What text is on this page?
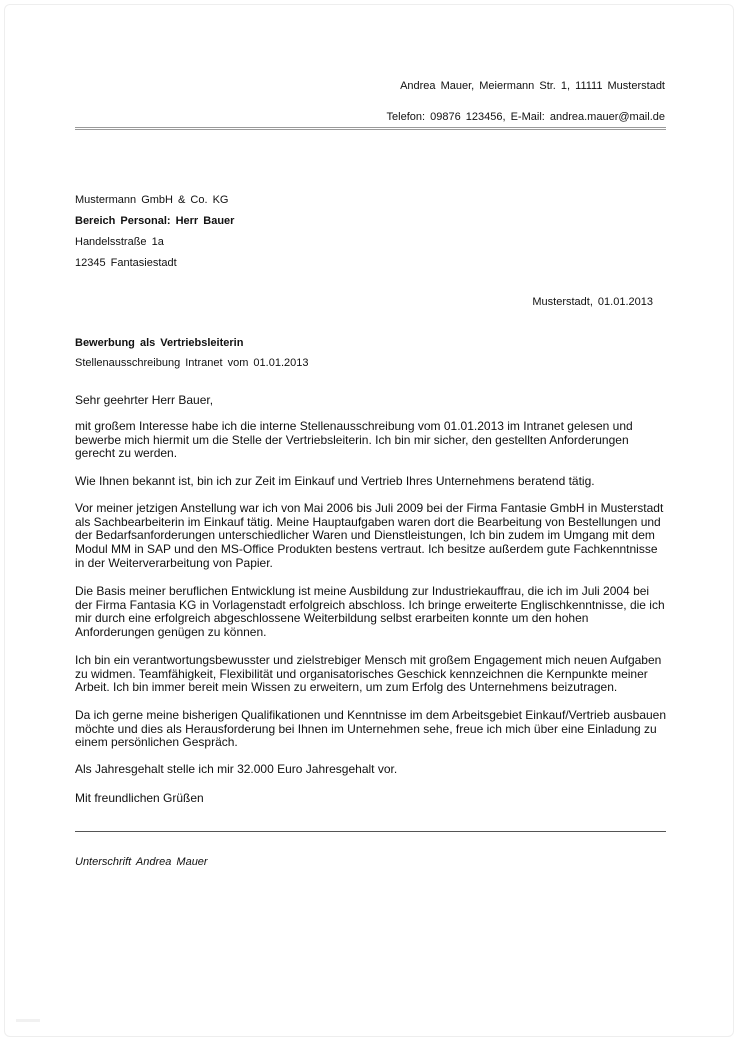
Andrea Mauer, Meiermann Str. 1, 11111 Musterstadt
Telefon: 09876 123456, E-Mail: andrea.mauer@mail.de
Mustermann GmbH & Co. KG
Bereich Personal: Herr Bauer
Handelsstraße 1a
12345 Fantasiestadt
Musterstadt, 01.01.2013
Bewerbung als Vertriebsleiterin
Stellenausschreibung Intranet vom 01.01.2013
Sehr geehrter Herr Bauer,

mit großem Interesse habe ich die interne Stellenausschreibung vom 01.01.2013 im Intranet gelesen und
bewerbe mich hiermit um die Stelle der Vertriebsleiterin. Ich bin mir sicher, den gestellten Anforderungen
gerecht zu werden.

Wie Ihnen bekannt ist, bin ich zur Zeit im Einkauf und Vertrieb Ihres Unternehmens beratend tätig.

Vor meiner jetzigen Anstellung war ich von Mai 2006 bis Juli 2009 bei der Firma Fantasie GmbH in Musterstadt
als Sachbearbeiterin im Einkauf tätig. Meine Hauptaufgaben waren dort die Bearbeitung von Bestellungen und
der Bedarfsanforderungen unterschiedlicher Waren und Dienstleistungen, Ich bin zudem im Umgang mit dem
Modul MM in SAP und den MS-Office Produkten bestens vertraut. Ich besitze außerdem gute Fachkenntnisse
in der Weiterverarbeitung von Papier.

Die Basis meiner beruflichen Entwicklung ist meine Ausbildung zur Industriekauffrau, die ich im Juli 2004 bei
der Firma Fantasia KG in Vorlagenstadt erfolgreich abschloss. Ich bringe erweiterte Englischkenntnisse, die ich
mir durch eine erfolgreich abgeschlossene Weiterbildung selbst erarbeiten konnte um den hohen
Anforderungen genügen zu können.

Ich bin ein verantwortungsbewusster und zielstrebiger Mensch mit großem Engagement mich neuen Aufgaben
zu widmen. Teamfähigkeit, Flexibilität und organisatorisches Geschick kennzeichnen die Kernpunkte meiner
Arbeit. Ich bin immer bereit mein Wissen zu erweitern, um zum Erfolg des Unternehmens beizutragen.

Da ich gerne meine bisherigen Qualifikationen und Kenntnisse im dem Arbeitsgebiet Einkauf/Vertrieb ausbauen
möchte und dies als Herausforderung bei Ihnen im Unternehmen sehe, freue ich mich über eine Einladung zu
einem persönlichen Gespräch.

Als Jahresgehalt stelle ich mir 32.000 Euro Jahresgehalt vor.

Mit freundlichen Grüßen
Unterschrift Andrea Mauer
